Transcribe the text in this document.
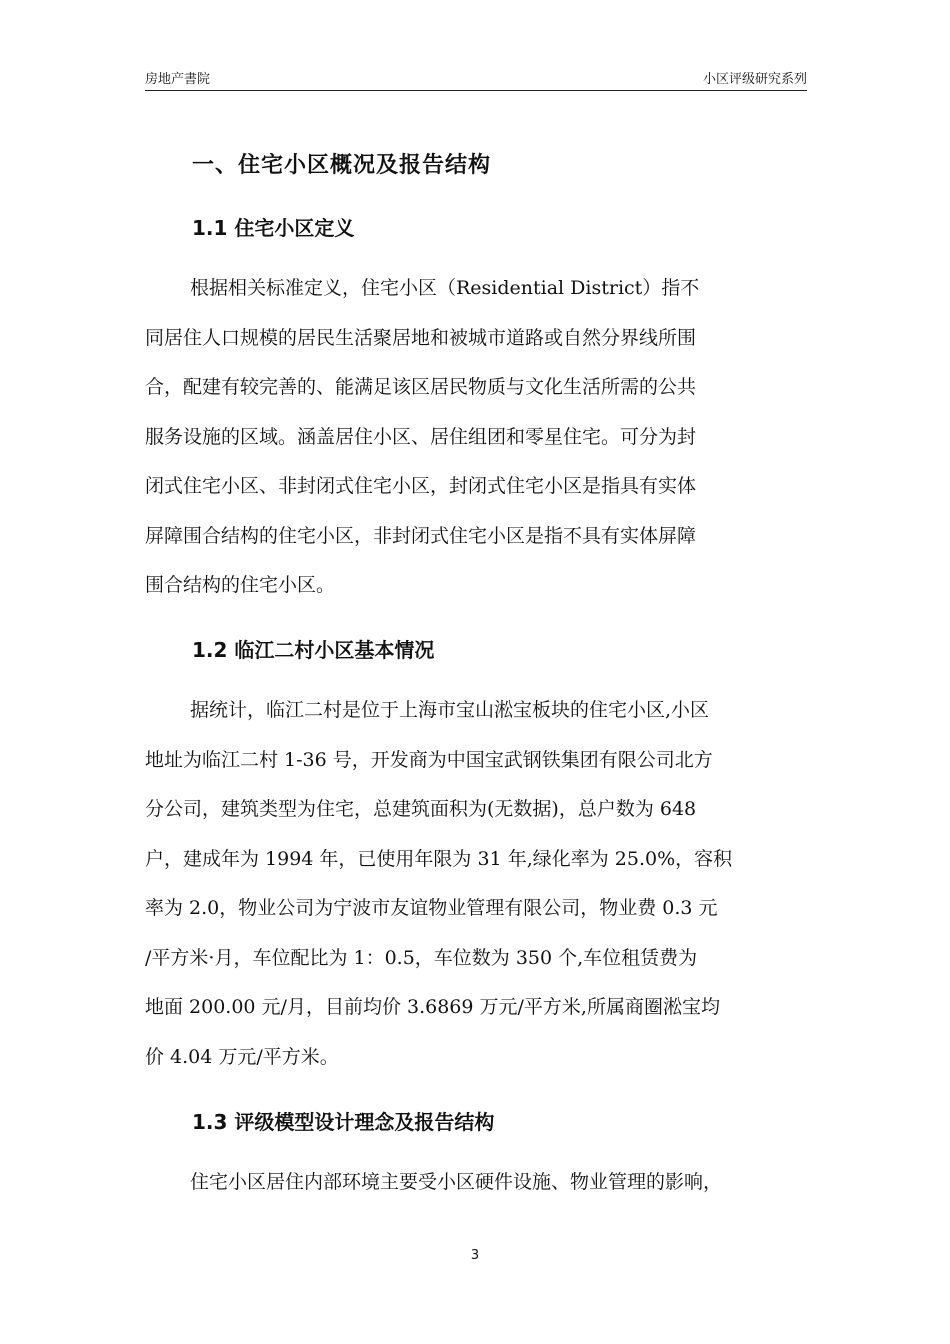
房地产書院	小区评级研究系列
一、住宅小区概况及报告结构
1.1 住宅小区定义
根据相关标准定义，住宅小区（Residential District）指不
同居住人口规模的居民生活聚居地和被城市道路或自然分界线所围
合，配建有较完善的、能满足该区居民物质与文化生活所需的公共
服务设施的区域。涵盖居住小区、居住组团和零星住宅。可分为封
闭式住宅小区、非封闭式住宅小区，封闭式住宅小区是指具有实体
屏障围合结构的住宅小区，非封闭式住宅小区是指不具有实体屏障
围合结构的住宅小区。
1.2 临江二村小区基本情况
据统计，临江二村是位于上海市宝山淞宝板块的住宅小区,小区
地址为临江二村 1-36 号，开发商为中国宝武钢铁集团有限公司北方
分公司，建筑类型为住宅，总建筑面积为(无数据)，总户数为 648
户，建成年为 1994 年，已使用年限为 31 年,绿化率为 25.0%，容积
率为 2.0，物业公司为宁波市友谊物业管理有限公司，物业费 0.3 元
/平方米·月，车位配比为 1：0.5，车位数为 350 个,车位租赁费为
地面 200.00 元/月，目前均价 3.6869 万元/平方米,所属商圈淞宝均
价 4.04 万元/平方米。
1.3 评级模型设计理念及报告结构
住宅小区居住内部环境主要受小区硬件设施、物业管理的影响，
3
